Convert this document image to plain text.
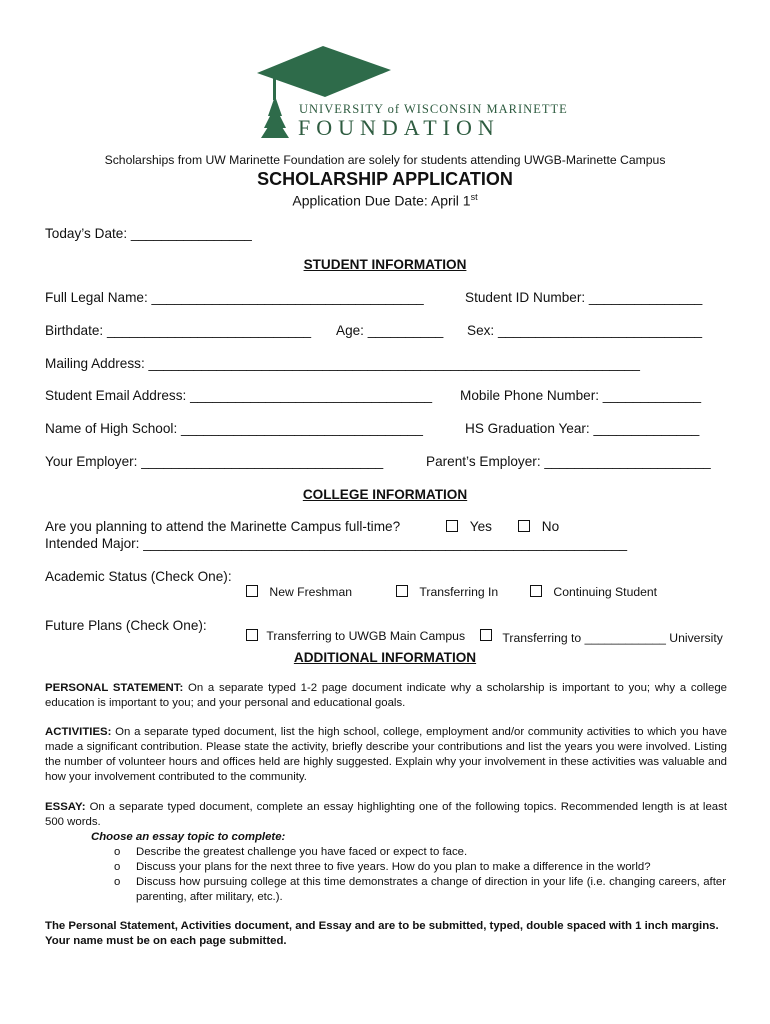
UNIVERSITY of WISCONSIN MARINETTE
FOUNDATION
Scholarships from UW Marinette Foundation are solely for students attending UWGB-Marinette Campus
SCHOLARSHIP APPLICATION
Application Due Date: April 1st
Today’s Date: ________________
STUDENT INFORMATION
Full Legal Name: ____________________________________	Student ID Number: _______________
Birthdate: ___________________________ Age: __________ Sex: ___________________________
Mailing Address: _________________________________________________________________
Student Email Address: ________________________________ Mobile Phone Number: _____________
Name of High School: ________________________________	HS Graduation Year: ______________
Your Employer: ________________________________	Parent’s Employer: ______________________
COLLEGE INFORMATION
Are you planning to attend the Marinette Campus full-time?	Yes	No
Intended Major: ________________________________________________________________
Academic Status (Check One):
New Freshman	Transferring In	Continuing Student
Future Plans (Check One):
Transferring to UWGB Main Campus	Transferring to ____________ University
ADDITIONAL INFORMATION
PERSONAL STATEMENT: On a separate typed 1-2 page document indicate why a scholarship is important to you; why a college education is important to you; and your personal and educational goals.
ACTIVITIES: On a separate typed document, list the high school, college, employment and/or community activities to which you have made a significant contribution. Please state the activity, briefly describe your contributions and list the years you were involved. Listing the number of volunteer hours and offices held are highly suggested. Explain why your involvement in these activities was valuable and how your involvement contributed to the community.
ESSAY: On a separate typed document, complete an essay highlighting one of the following topics. Recommended length is at least 500 words.
Choose an essay topic to complete:
o Describe the greatest challenge you have faced or expect to face.
o Discuss your plans for the next three to five years. How do you plan to make a difference in the world?
o Discuss how pursuing college at this time demonstrates a change of direction in your life (i.e. changing careers, after parenting, after military, etc.).
The Personal Statement, Activities document, and Essay and are to be submitted, typed, double spaced with 1 inch margins. Your name must be on each page submitted.
